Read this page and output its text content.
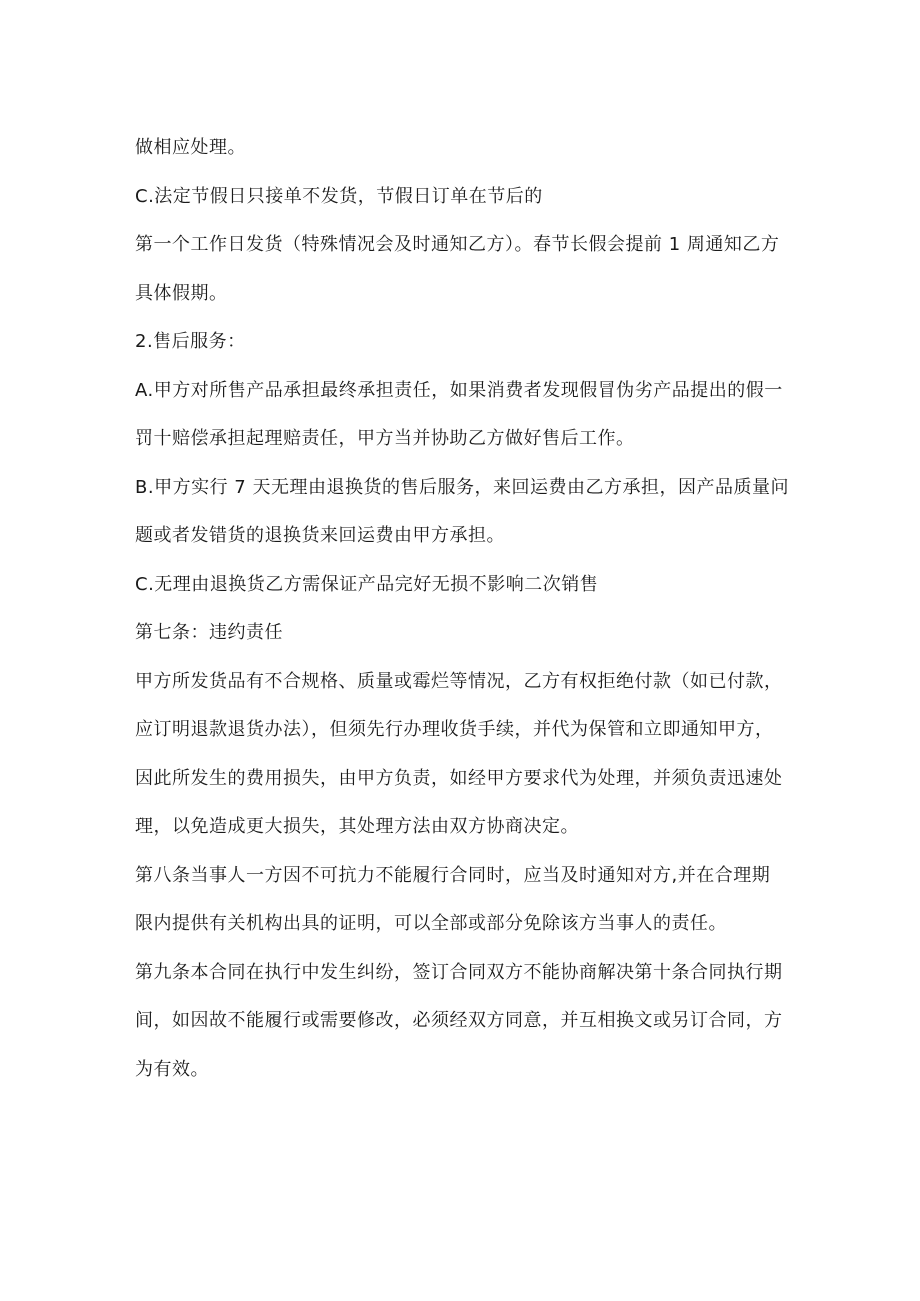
做相应处理。
C.法定节假日只接单不发货，节假日订单在节后的
第一个工作日发货（特殊情况会及时通知乙方）。春节长假会提前 1 周通知乙方
具体假期。
2.售后服务：
A.甲方对所售产品承担最终承担责任，如果消费者发现假冒伪劣产品提出的假一
罚十赔偿承担起理赔责任，甲方当并协助乙方做好售后工作。
B.甲方实行 7 天无理由退换货的售后服务，来回运费由乙方承担，因产品质量问
题或者发错货的退换货来回运费由甲方承担。
C.无理由退换货乙方需保证产品完好无损不影响二次销售
第七条：违约责任
甲方所发货品有不合规格、质量或霉烂等情况，乙方有权拒绝付款（如已付款，
应订明退款退货办法），但须先行办理收货手续，并代为保管和立即通知甲方，
因此所发生的费用损失，由甲方负责，如经甲方要求代为处理，并须负责迅速处
理，以免造成更大损失，其处理方法由双方协商决定。
第八条当事人一方因不可抗力不能履行合同时，应当及时通知对方,并在合理期
限内提供有关机构出具的证明，可以全部或部分免除该方当事人的责任。
第九条本合同在执行中发生纠纷，签订合同双方不能协商解决第十条合同执行期
间，如因故不能履行或需要修改，必须经双方同意，并互相换文或另订合同，方
为有效。
